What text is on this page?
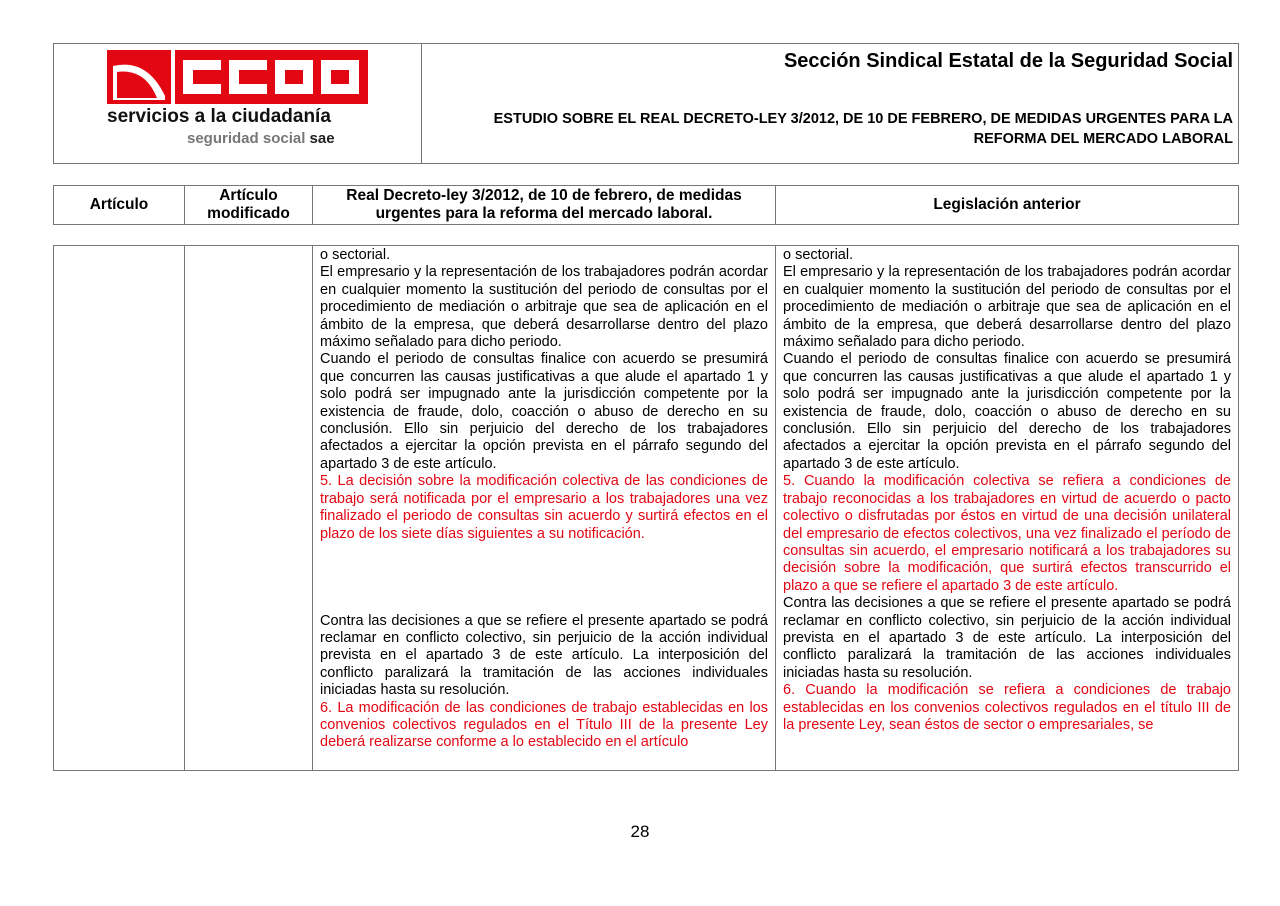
servicios a la ciudadanía
seguridad social sae
Sección Sindical Estatal de la Seguridad Social
ESTUDIO SOBRE EL REAL DECRETO-LEY 3/2012, DE 10 DE FEBRERO, DE MEDIDAS URGENTES PARA LA REFORMA DEL MERCADO LABORAL
Artículo
Artículo modificado
Real Decreto-ley 3/2012, de 10 de febrero, de medidas urgentes para la reforma del mercado laboral.
Legislación anterior

o sectorial.

El empresario y la representación de los trabajadores podrán acordar en cualquier momento la sustitución del periodo de consultas por el procedimiento de mediación o arbitraje que sea de aplicación en el ámbito de la empresa, que deberá desarrollarse dentro del plazo máximo señalado para dicho periodo.

Cuando el periodo de consultas finalice con acuerdo se presumirá que concurren las causas justificativas a que alude el apartado 1 y solo podrá ser impugnado ante la jurisdicción competente por la existencia de fraude, dolo, coacción o abuso de derecho en su conclusión. Ello sin perjuicio del derecho de los trabajadores afectados a ejercitar la opción prevista en el párrafo segundo del apartado 3 de este artículo.

5. La decisión sobre la modificación colectiva de las condiciones de trabajo será notificada por el empresario a los trabajadores una vez finalizado el periodo de consultas sin acuerdo y surtirá efectos en el plazo de los siete días siguientes a su notificación.

Contra las decisiones a que se refiere el presente apartado se podrá reclamar en conflicto colectivo, sin perjuicio de la acción individual prevista en el apartado 3 de este artículo. La interposición del conflicto paralizará la tramitación de las acciones individuales iniciadas hasta su resolución.

6. La modificación de las condiciones de trabajo establecidas en los convenios colectivos regulados en el Título III de la presente Ley deberá realizarse conforme a lo establecido en el artículo

o sectorial.

El empresario y la representación de los trabajadores podrán acordar en cualquier momento la sustitución del periodo de consultas por el procedimiento de mediación o arbitraje que sea de aplicación en el ámbito de la empresa, que deberá desarrollarse dentro del plazo máximo señalado para dicho periodo.

Cuando el periodo de consultas finalice con acuerdo se presumirá que concurren las causas justificativas a que alude el apartado 1 y solo podrá ser impugnado ante la jurisdicción competente por la existencia de fraude, dolo, coacción o abuso de derecho en su conclusión. Ello sin perjuicio del derecho de los trabajadores afectados a ejercitar la opción prevista en el párrafo segundo del apartado 3 de este artículo.

5. Cuando la modificación colectiva se refiera a condiciones de trabajo reconocidas a los trabajadores en virtud de acuerdo o pacto colectivo o disfrutadas por éstos en virtud de una decisión unilateral del empresario de efectos colectivos, una vez finalizado el período de consultas sin acuerdo, el empresario notificará a los trabajadores su decisión sobre la modificación, que surtirá efectos transcurrido el plazo a que se refiere el apartado 3 de este artículo.

Contra las decisiones a que se refiere el presente apartado se podrá reclamar en conflicto colectivo, sin perjuicio de la acción individual prevista en el apartado 3 de este artículo. La interposición del conflicto paralizará la tramitación de las acciones individuales iniciadas hasta su resolución.

6. Cuando la modificación se refiera a condiciones de trabajo establecidas en los convenios colectivos regulados en el título III de la presente Ley, sean éstos de sector o empresariales, se

28
